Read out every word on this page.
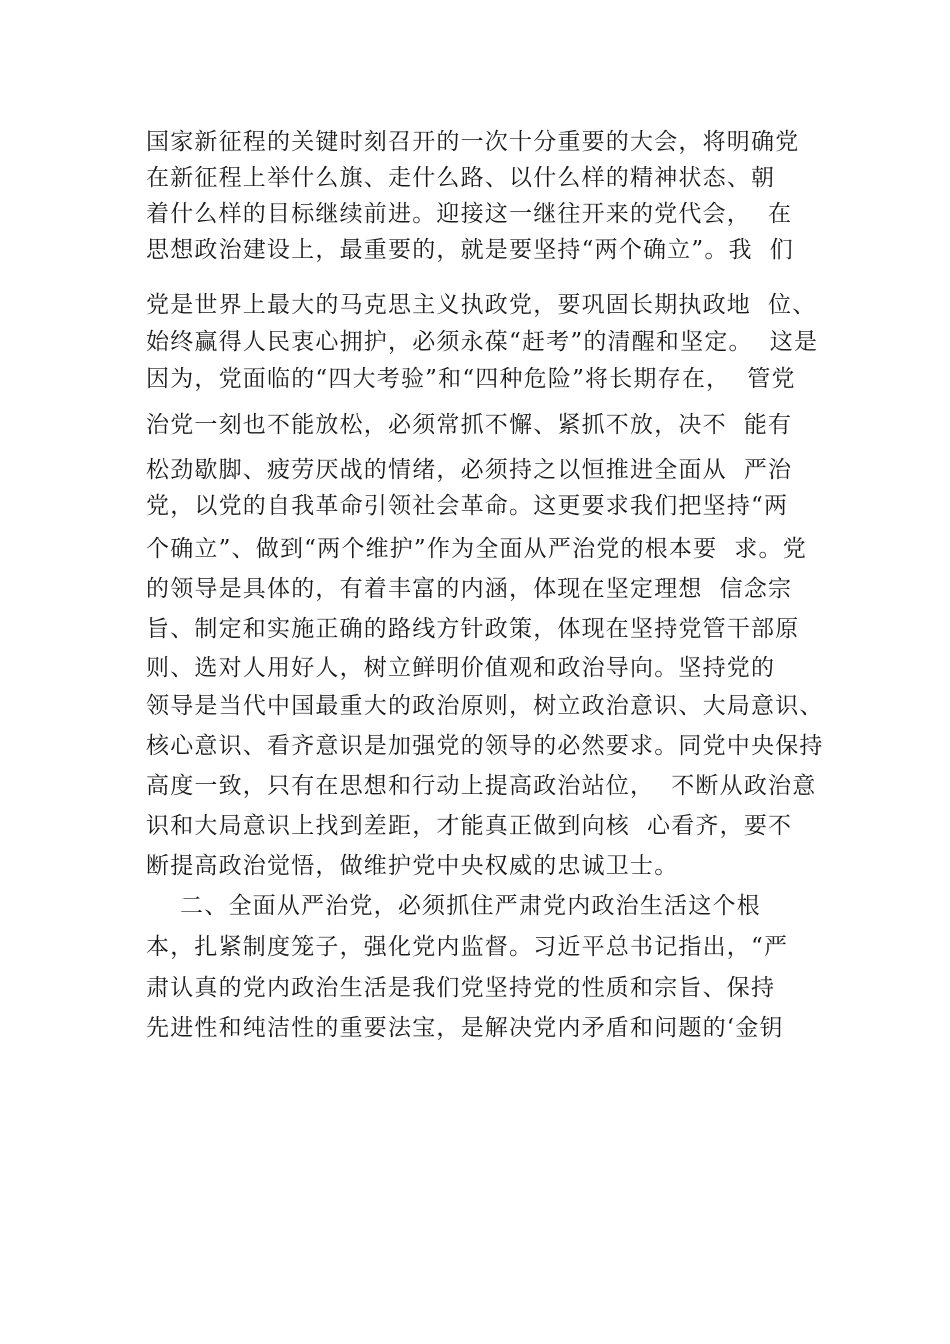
国家新征程的关键时刻召开的一次十分重要的大会，将明确党
在新征程上举什么旗、走什么路、以什么样的精神状态、朝
着什么样的目标继续前进。迎接这一继往开来的党代会，  在
思想政治建设上，最重要的，就是要坚持“两个确立”。我  们
党是世界上最大的马克思主义执政党，要巩固长期执政地  位、
始终赢得人民衷心拥护，必须永葆“赶考”的清醒和坚定。  这是
因为，党面临的“四大考验”和“四种危险”将长期存在，  管党
治党一刻也不能放松，必须常抓不懈、紧抓不放，决不  能有
松劲歇脚、疲劳厌战的情绪，必须持之以恒推进全面从  严治
党，以党的自我革命引领社会革命。这更要求我们把坚持“两
个确立”、做到“两个维护”作为全面从严治党的根本要  求。党
的领导是具体的，有着丰富的内涵，体现在坚定理想  信念宗
旨、制定和实施正确的路线方针政策，体现在坚持党管干部原
则、选对人用好人，树立鲜明价值观和政治导向。坚持党的
领导是当代中国最重大的政治原则，树立政治意识、大局意识、
核心意识、看齐意识是加强党的领导的必然要求。同党中央保持
高度一致，只有在思想和行动上提高政治站位，  不断从政治意
识和大局意识上找到差距，才能真正做到向核  心看齐，要不
断提高政治觉悟，做维护党中央权威的忠诚卫士。
二、全面从严治党，必须抓住严肃党内政治生活这个根
本，扎紧制度笼子，强化党内监督。习近平总书记指出，“严
肃认真的党内政治生活是我们党坚持党的性质和宗旨、保持
先进性和纯洁性的重要法宝，是解决党内矛盾和问题的‘金钥
